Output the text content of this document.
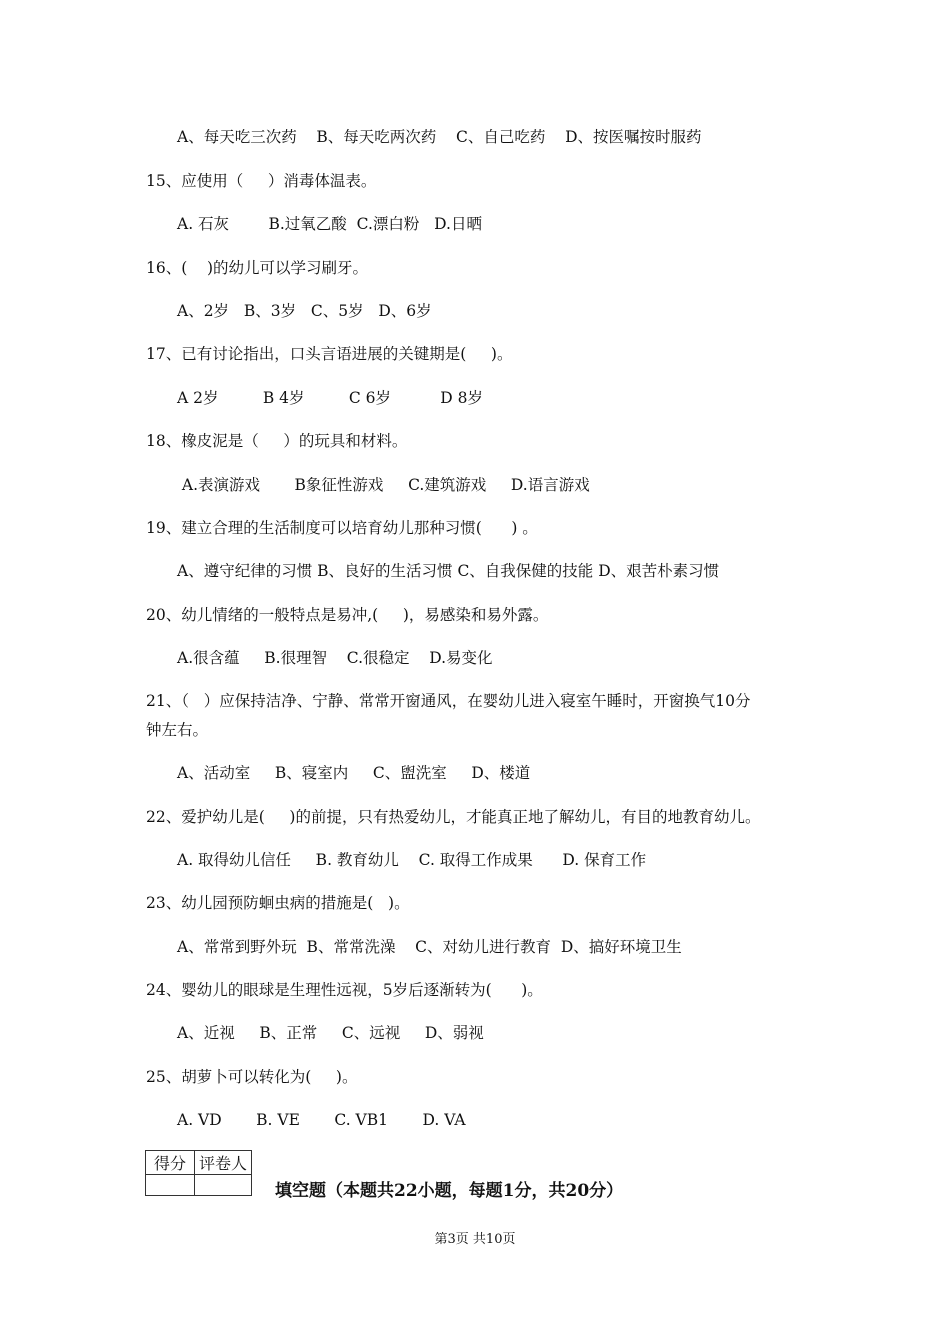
A、每天吃三次药    B、每天吃两次药    C、自己吃药    D、按医嘱按时服药
15、应使用（     ）消毒体温表。
A. 石灰        B.过氧乙酸  C.漂白粉   D.日晒
16、(    )的幼儿可以学习刷牙。
A、2岁   B、3岁   C、5岁   D、6岁
17、已有讨论指出，口头言语进展的关键期是(     )。
A 2岁         B 4岁         C 6岁          D 8岁
18、橡皮泥是（     ）的玩具和材料。
A.表演游戏       B象征性游戏     C.建筑游戏     D.语言游戏
19、建立合理的生活制度可以培育幼儿那种习惯(      ) 。
A、遵守纪律的习惯 B、良好的生活习惯 C、自我保健的技能 D、艰苦朴素习惯
20、幼儿情绪的一般特点是易冲,(     )，易感染和易外露。
A.很含蕴     B.很理智    C.很稳定    D.易变化
21、（   ）应保持洁净、宁静、常常开窗通风，在婴幼儿进入寝室午睡时，开窗换气10分
钟左右。
A、活动室     B、寝室内     C、盥洗室     D、楼道
22、爱护幼儿是(     )的前提，只有热爱幼儿，才能真正地了解幼儿，有目的地教育幼儿。
A. 取得幼儿信任     B. 教育幼儿    C. 取得工作成果      D. 保育工作
23、幼儿园预防蛔虫病的措施是(   )。
A、常常到野外玩  B、常常洗澡    C、对幼儿进行教育  D、搞好环境卫生
24、婴幼儿的眼球是生理性远视，5岁后逐渐转为(      )。
A、近视     B、正常     C、远视     D、弱视
25、胡萝卜可以转化为(     )。
A. VD       B. VE       C. VB1       D. VA
得分	评卷人

填空题（本题共22小题，每题1分，共20分）
第3页 共10页
